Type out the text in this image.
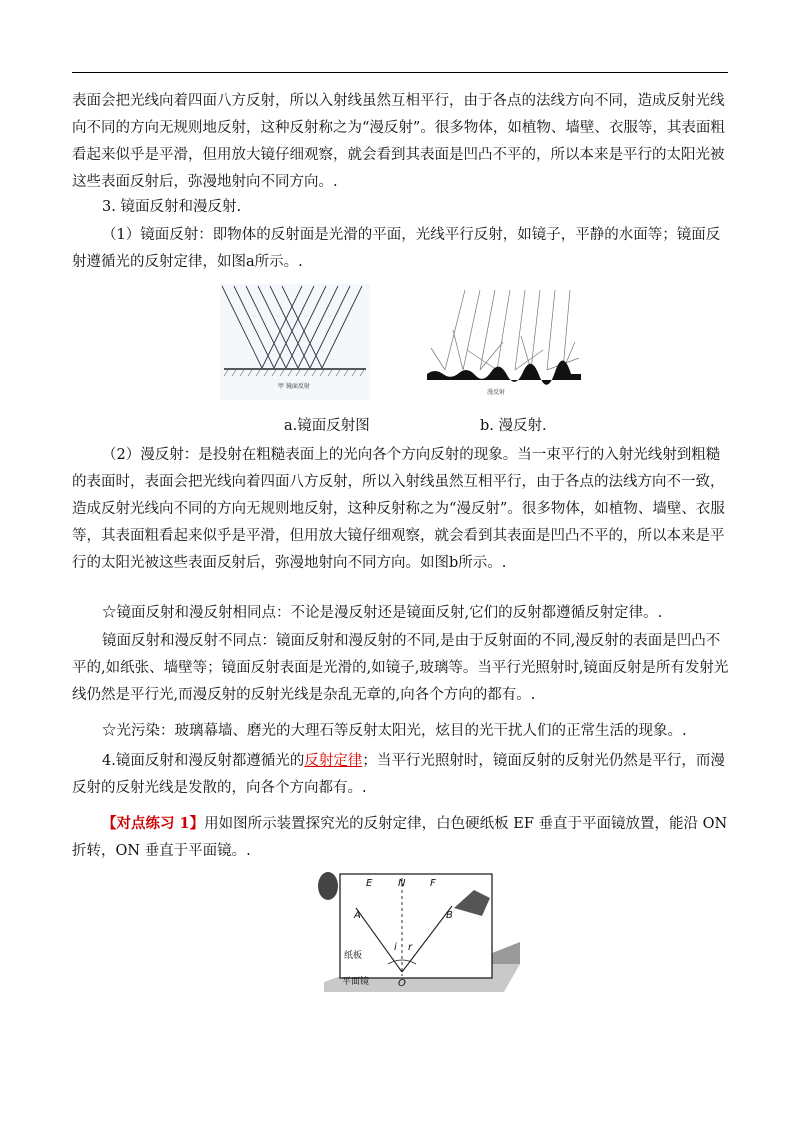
表面会把光线向着四面八方反射，所以入射线虽然互相平行，由于各点的法线方向不同，造成反射光线向不同的方向无规则地反射，这种反射称之为“漫反射”。很多物体，如植物、墙壁、衣服等，其表面粗看起来似乎是平滑，但用放大镜仔细观察，就会看到其表面是凹凸不平的，所以本来是平行的太阳光被这些表面反射后，弥漫地射向不同方向。.

3. 镜面反射和漫反射.

（1）镜面反射：即物体的反射面是光滑的平面，光线平行反射，如镜子，平静的水面等；镜面反射遵循光的反射定律，如图a所示。.

甲 镜面反射
漫反射
a.镜面反射图	b. 漫反射.

（2）漫反射：是投射在粗糙表面上的光向各个方向反射的现象。当一束平行的入射光线射到粗糙的表面时，表面会把光线向着四面八方反射，所以入射线虽然互相平行，由于各点的法线方向不一致，造成反射光线向不同的方向无规则地反射，这种反射称之为“漫反射”。很多物体，如植物、墙壁、衣服等，其表面粗看起来似乎是平滑，但用放大镜仔细观察，就会看到其表面是凹凸不平的，所以本来是平行的太阳光被这些表面反射后，弥漫地射向不同方向。如图b所示。.

☆镜面反射和漫反射相同点：不论是漫反射还是镜面反射,它们的反射都遵循反射定律。.

镜面反射和漫反射不同点：镜面反射和漫反射的不同,是由于反射面的不同,漫反射的表面是凹凸不平的,如纸张、墙壁等；镜面反射表面是光滑的,如镜子,玻璃等。当平行光照射时,镜面反射是所有发射光线仍然是平行光,而漫反射的反射光线是杂乱无章的,向各个方向的都有。.

☆光污染：玻璃幕墙、磨光的大理石等反射太阳光，炫目的光干扰人们的正常生活的现象。.

4.镜面反射和漫反射都遵循光的反射定律；当平行光照射时，镜面反射的反射光仍然是平行，而漫反射的反射光线是发散的，向各个方向都有。.

【对点练习 1】用如图所示装置探究光的反射定律，白色硬纸板 EF 垂直于平面镜放置，能沿 ON 折转，ON 垂直于平面镜。.

E	N F
A	B
i r
O
纸板
平面镜
